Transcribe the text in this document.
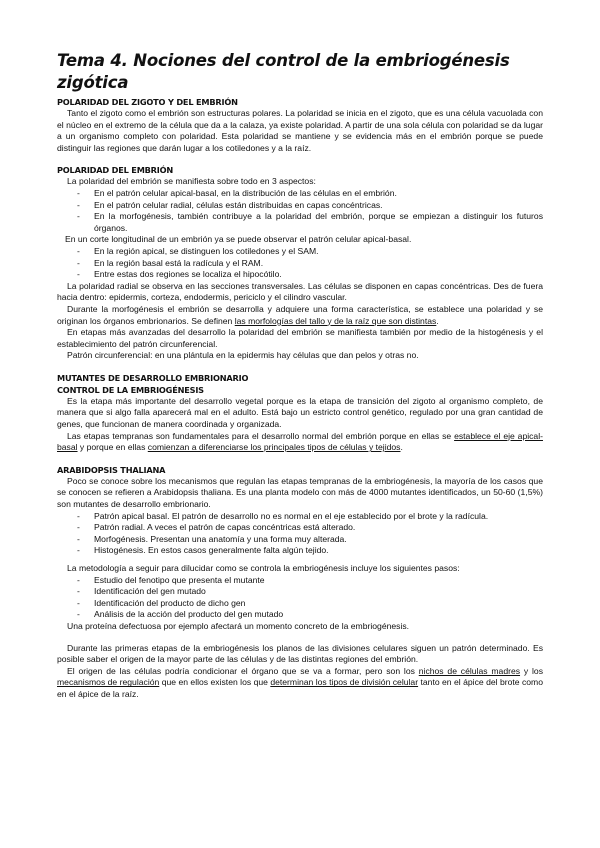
Tema 4. Nociones del control de la embriogénesis zigótica
POLARIDAD DEL ZIGOTO Y DEL EMBRIÓN

Tanto el zigoto como el embrión son estructuras polares. La polaridad se inicia en el zigoto, que es una célula vacuolada con el núcleo en el extremo de la célula que da a la calaza, ya existe polaridad. A partir de una sola célula con polaridad se da lugar a un organismo completo con polaridad. Esta polaridad se mantiene y se evidencia más en el embrión porque se puede distinguir las regiones que darán lugar a los cotiledones y a la raíz.

POLARIDAD DEL EMBRIÓN

La polaridad del embrión se manifiesta sobre todo en 3 aspectos:

- En el patrón celular apical-basal, en la distribución de las células en el embrión.
- En el patrón celular radial, células están distribuidas en capas concéntricas.
- En la morfogénesis, también contribuye a la polaridad del embrión, porque se empiezan a distinguir los futuros órganos.

En un corte longitudinal de un embrión ya se puede observar el patrón celular apical-basal.

- En la región apical, se distinguen los cotiledones y el SAM.
- En la región basal está la radícula y el RAM.
- Entre estas dos regiones se localiza el hipocótilo.

La polaridad radial se observa en las secciones transversales. Las células se disponen en capas concéntricas. Des de fuera hacia dentro: epidermis, corteza, endodermis, periciclo y el cilindro vascular.

Durante la morfogénesis el embrión se desarrolla y adquiere una forma característica, se establece una polaridad y se originan los órganos embrionarios. Se definen las morfologías del tallo y de la raíz que son distintas.

En etapas más avanzadas del desarrollo la polaridad del embrión se manifiesta también por medio de la histogénesis y el establecimiento del patrón circunferencial.

Patrón circunferencial: en una plántula en la epidermis hay células que dan pelos y otras no.

MUTANTES DE DESARROLLO EMBRIONARIO
CONTROL DE LA EMBRIOGÉNESIS

Es la etapa más importante del desarrollo vegetal porque es la etapa de transición del zigoto al organismo completo, de manera que si algo falla aparecerá mal en el adulto. Está bajo un estricto control genético, regulado por una gran cantidad de genes, que funcionan de manera coordinada y organizada.

Las etapas tempranas son fundamentales para el desarrollo normal del embrión porque en ellas se establece el eje apical-basal y porque en ellas comienzan a diferenciarse los principales tipos de células y tejidos.

ARABIDOPSIS THALIANA

Poco se conoce sobre los mecanismos que regulan las etapas tempranas de la embriogénesis, la mayoría de los casos que se conocen se refieren a Arabidopsis thaliana. Es una planta modelo con más de 4000 mutantes identificados, un 50-60 (1,5%) son mutantes de desarrollo embrionario.

- Patrón apical basal. El patrón de desarrollo no es normal en el eje establecido por el brote y la radícula.
- Patrón radial. A veces el patrón de capas concéntricas está alterado.
- Morfogénesis. Presentan una anatomía y una forma muy alterada.
- Histogénesis. En estos casos generalmente falta algún tejido.

La metodología a seguir para dilucidar como se controla la embriogénesis incluye los siguientes pasos:

- Estudio del fenotipo que presenta el mutante
- Identificación del gen mutado
- Identificación del producto de dicho gen
- Análisis de la acción del producto del gen mutado

Una proteína defectuosa por ejemplo afectará un momento concreto de la embriogénesis.

Durante las primeras etapas de la embriogénesis los planos de las divisiones celulares siguen un patrón determinado. Es posible saber el origen de la mayor parte de las células y de las distintas regiones del embrión.

El origen de las células podría condicionar el órgano que se va a formar, pero son los nichos de células madres y los mecanismos de regulación que en ellos existen los que determinan los tipos de división celular tanto en el ápice del brote como en el ápice de la raíz.
